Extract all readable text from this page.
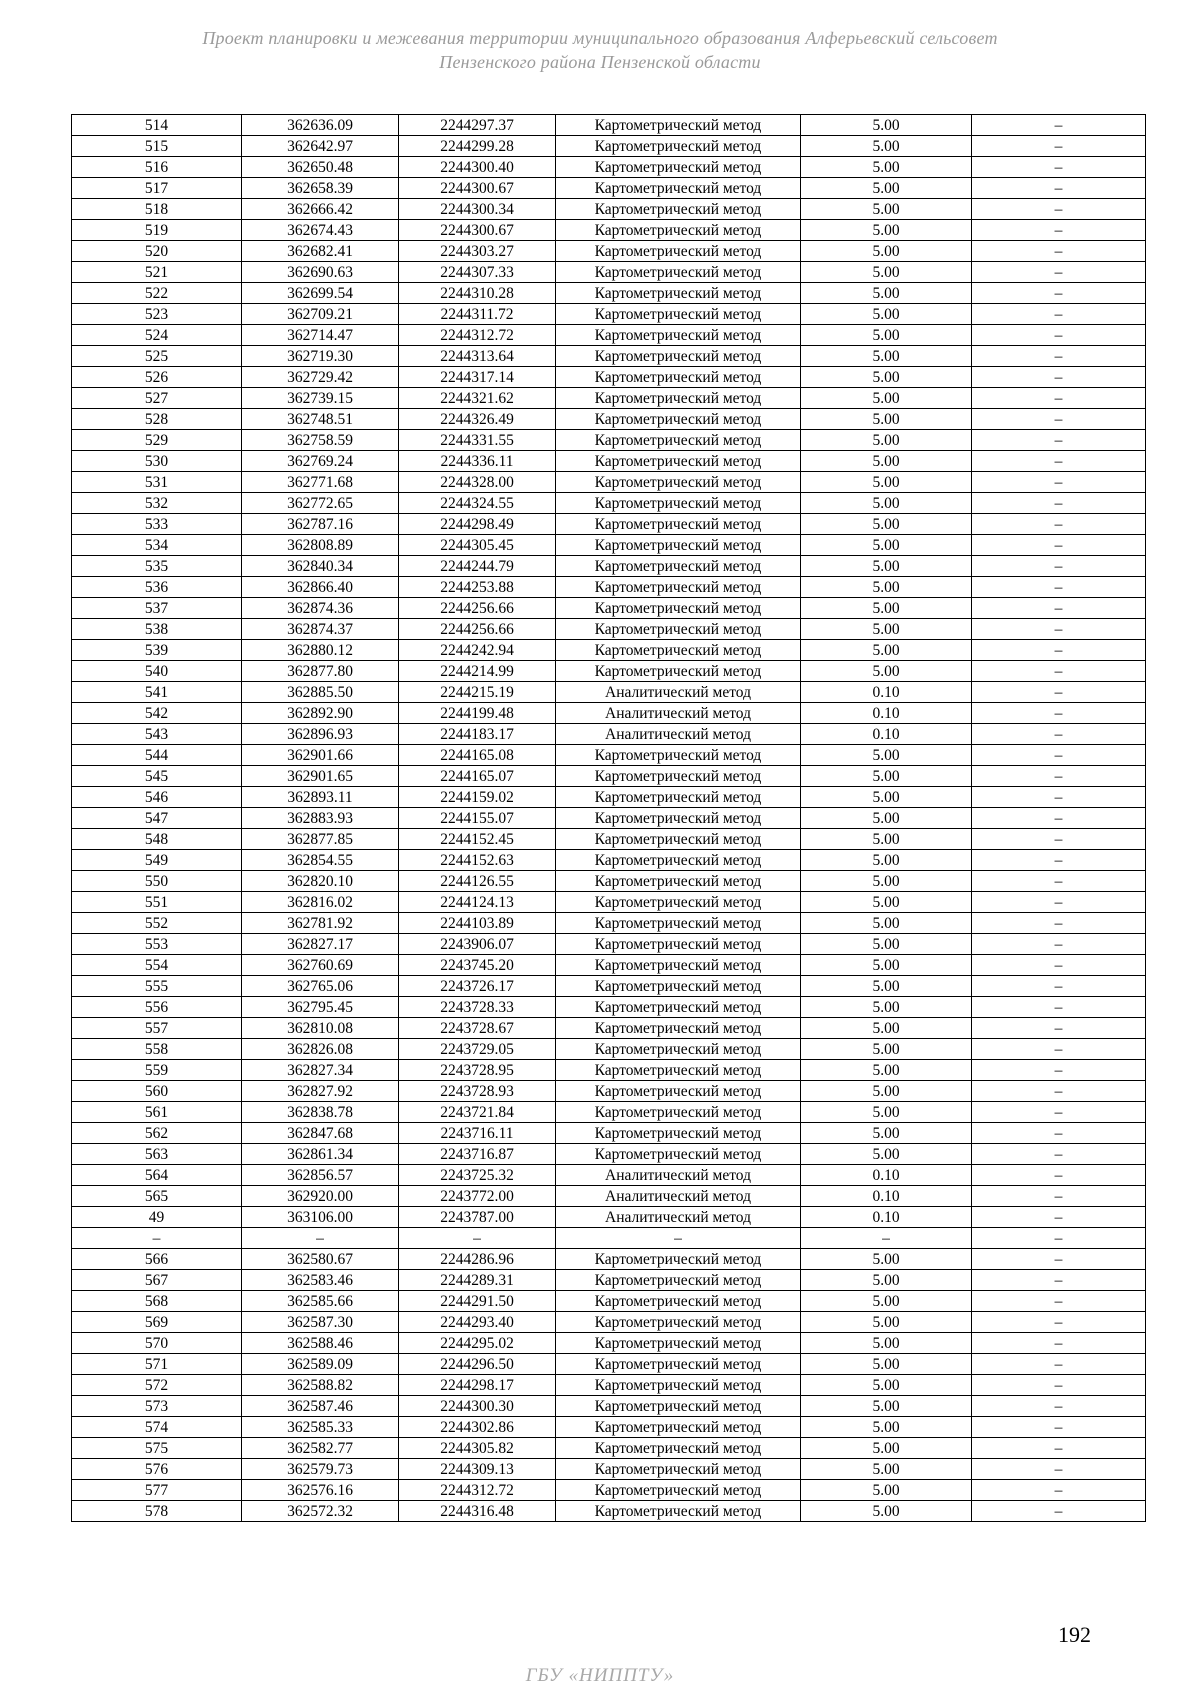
Проект планировки и межевания территории муниципального образования Алферьевский сельсовет
Пензенского района Пензенской области
514	362636.09	2244297.37	Картометрический метод	5.00	–
515	362642.97	2244299.28	Картометрический метод	5.00	–
516	362650.48	2244300.40	Картометрический метод	5.00	–
517	362658.39	2244300.67	Картометрический метод	5.00	–
518	362666.42	2244300.34	Картометрический метод	5.00	–
519	362674.43	2244300.67	Картометрический метод	5.00	–
520	362682.41	2244303.27	Картометрический метод	5.00	–
521	362690.63	2244307.33	Картометрический метод	5.00	–
522	362699.54	2244310.28	Картометрический метод	5.00	–
523	362709.21	2244311.72	Картометрический метод	5.00	–
524	362714.47	2244312.72	Картометрический метод	5.00	–
525	362719.30	2244313.64	Картометрический метод	5.00	–
526	362729.42	2244317.14	Картометрический метод	5.00	–
527	362739.15	2244321.62	Картометрический метод	5.00	–
528	362748.51	2244326.49	Картометрический метод	5.00	–
529	362758.59	2244331.55	Картометрический метод	5.00	–
530	362769.24	2244336.11	Картометрический метод	5.00	–
531	362771.68	2244328.00	Картометрический метод	5.00	–
532	362772.65	2244324.55	Картометрический метод	5.00	–
533	362787.16	2244298.49	Картометрический метод	5.00	–
534	362808.89	2244305.45	Картометрический метод	5.00	–
535	362840.34	2244244.79	Картометрический метод	5.00	–
536	362866.40	2244253.88	Картометрический метод	5.00	–
537	362874.36	2244256.66	Картометрический метод	5.00	–
538	362874.37	2244256.66	Картометрический метод	5.00	–
539	362880.12	2244242.94	Картометрический метод	5.00	–
540	362877.80	2244214.99	Картометрический метод	5.00	–
541	362885.50	2244215.19	Аналитический метод	0.10	–
542	362892.90	2244199.48	Аналитический метод	0.10	–
543	362896.93	2244183.17	Аналитический метод	0.10	–
544	362901.66	2244165.08	Картометрический метод	5.00	–
545	362901.65	2244165.07	Картометрический метод	5.00	–
546	362893.11	2244159.02	Картометрический метод	5.00	–
547	362883.93	2244155.07	Картометрический метод	5.00	–
548	362877.85	2244152.45	Картометрический метод	5.00	–
549	362854.55	2244152.63	Картометрический метод	5.00	–
550	362820.10	2244126.55	Картометрический метод	5.00	–
551	362816.02	2244124.13	Картометрический метод	5.00	–
552	362781.92	2244103.89	Картометрический метод	5.00	–
553	362827.17	2243906.07	Картометрический метод	5.00	–
554	362760.69	2243745.20	Картометрический метод	5.00	–
555	362765.06	2243726.17	Картометрический метод	5.00	–
556	362795.45	2243728.33	Картометрический метод	5.00	–
557	362810.08	2243728.67	Картометрический метод	5.00	–
558	362826.08	2243729.05	Картометрический метод	5.00	–
559	362827.34	2243728.95	Картометрический метод	5.00	–
560	362827.92	2243728.93	Картометрический метод	5.00	–
561	362838.78	2243721.84	Картометрический метод	5.00	–
562	362847.68	2243716.11	Картометрический метод	5.00	–
563	362861.34	2243716.87	Картометрический метод	5.00	–
564	362856.57	2243725.32	Аналитический метод	0.10	–
565	362920.00	2243772.00	Аналитический метод	0.10	–
49	363106.00	2243787.00	Аналитический метод	0.10	–
–	–	–	–	–	–
566	362580.67	2244286.96	Картометрический метод	5.00	–
567	362583.46	2244289.31	Картометрический метод	5.00	–
568	362585.66	2244291.50	Картометрический метод	5.00	–
569	362587.30	2244293.40	Картометрический метод	5.00	–
570	362588.46	2244295.02	Картометрический метод	5.00	–
571	362589.09	2244296.50	Картометрический метод	5.00	–
572	362588.82	2244298.17	Картометрический метод	5.00	–
573	362587.46	2244300.30	Картометрический метод	5.00	–
574	362585.33	2244302.86	Картометрический метод	5.00	–
575	362582.77	2244305.82	Картометрический метод	5.00	–
576	362579.73	2244309.13	Картометрический метод	5.00	–
577	362576.16	2244312.72	Картометрический метод	5.00	–
578	362572.32	2244316.48	Картометрический метод	5.00	–
192
ГБУ «НИППТУ»
